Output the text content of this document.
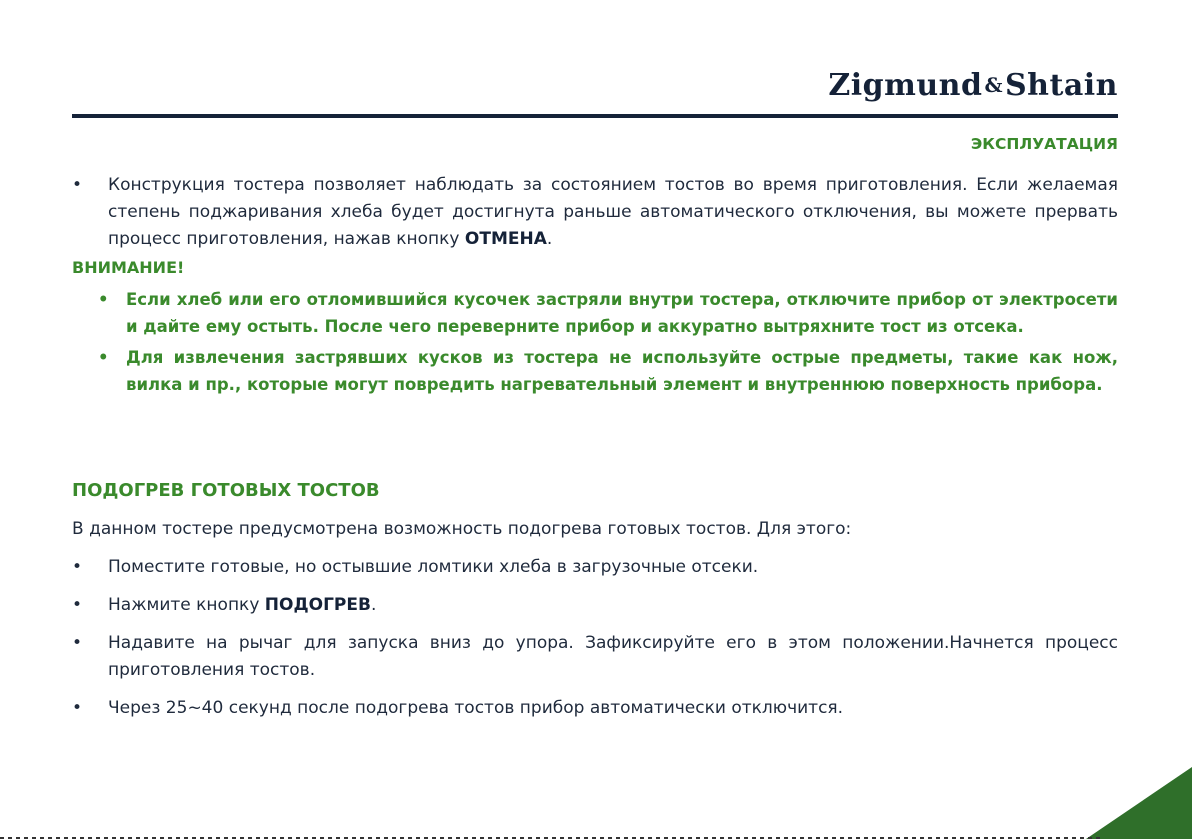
Zigmund &Shtain
ЭКСПЛУАТАЦИЯ
• Конструкция тостера позволяет наблюдать за состоянием тостов во время приготовления. Если желаемая степень поджаривания хлеба будет достигнута раньше автоматического отключения, вы можете прервать процесс приготовления, нажав кнопку ОТМЕНА.
ВНИМАНИЕ!
• Если хлеб или его отломившийся кусочек застряли внутри тостера, отключите прибор от электросети и дайте ему остыть. После чего переверните прибор и аккуратно вытряхните тост из отсека.
• Для извлечения застрявших кусков из тостера не используйте острые предметы, такие как нож, вилка и пр., которые могут повредить нагревательный элемент и внутреннюю поверхность прибора.
ПОДОГРЕВ ГОТОВЫХ ТОСТОВ
В данном тостере предусмотрена возможность подогрева готовых тостов. Для этого:
• Поместите готовые, но остывшие ломтики хлеба в загрузочные отсеки.
• Нажмите кнопку ПОДОГРЕВ.
• Надавите на рычаг для запуска вниз до упора. Зафиксируйте его в этом положении.Начнется процесс приготовления тостов.
• Через 25~40 секунд после подогрева тостов прибор автоматически отключится.
